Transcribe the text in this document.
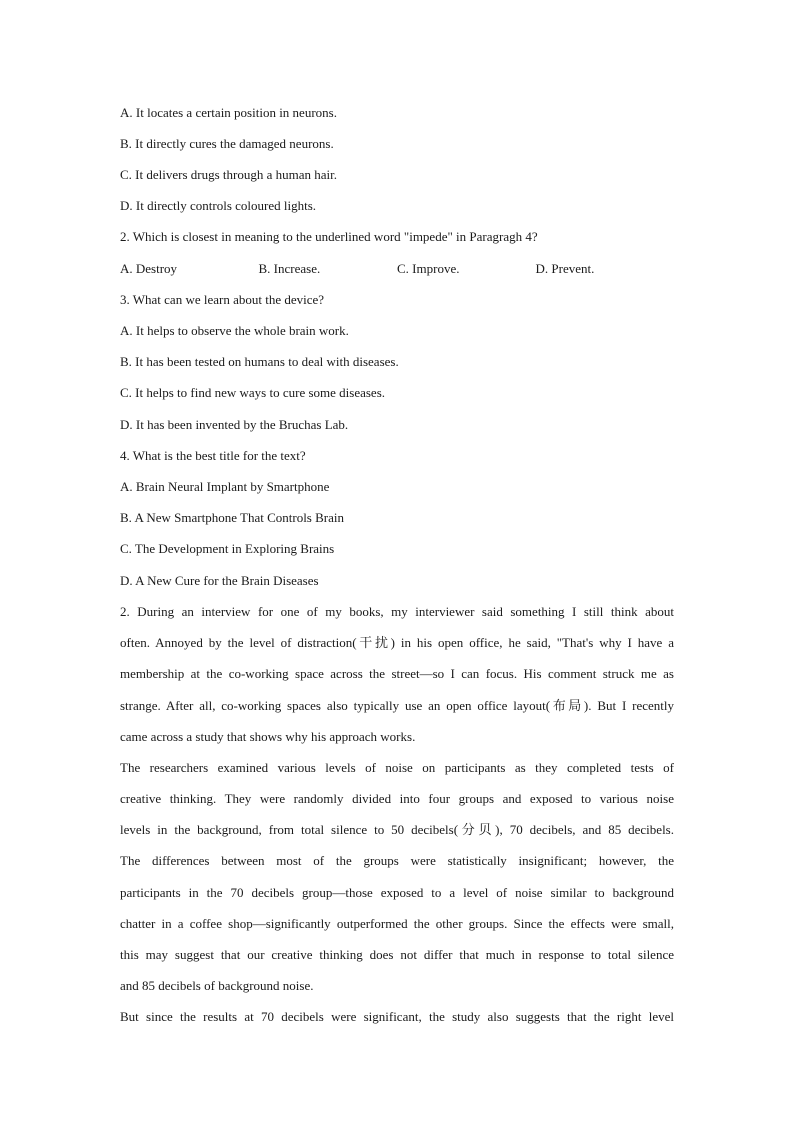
A. It locates a certain position in neurons.
B. It directly cures the damaged neurons.
C. It delivers drugs through a human hair.
D. It directly controls coloured lights.
2. Which is closest in meaning to the underlined word "impede" in Paragragh 4?
A. Destroy	B. Increase.	C. Improve.	D. Prevent.
3. What can we learn about the device?
A. It helps to observe the whole brain work.
B. It has been tested on humans to deal with diseases.
C. It helps to find new ways to cure some diseases.
D. It has been invented by the Bruchas Lab.
4. What is the best title for the text?
A. Brain Neural Implant by Smartphone
B. A New Smartphone That Controls Brain
C. The Development in Exploring Brains
D. A New Cure for the Brain Diseases
2. During an interview for one of my books, my interviewer said something I still think about
often. Annoyed by the level of distraction(干扰) in his open office, he said, "That's why I have a
membership at the co-working space across the street—so I can focus. His comment struck me as
strange. After all, co-working spaces also typically use an open office layout(布局). But I recently
came across a study that shows why his approach works.
The researchers examined various levels of noise on participants as they completed tests of
creative thinking. They were randomly divided into four groups and exposed to various noise
levels in the background, from total silence to 50 decibels(分贝), 70 decibels, and 85 decibels.
The differences between most of the groups were statistically insignificant; however, the
participants in the 70 decibels group—those exposed to a level of noise similar to background
chatter in a coffee shop—significantly outperformed the other groups. Since the effects were small,
this may suggest that our creative thinking does not differ that much in response to total silence
and 85 decibels of background noise.
But since the results at 70 decibels were significant, the study also suggests that the right level
